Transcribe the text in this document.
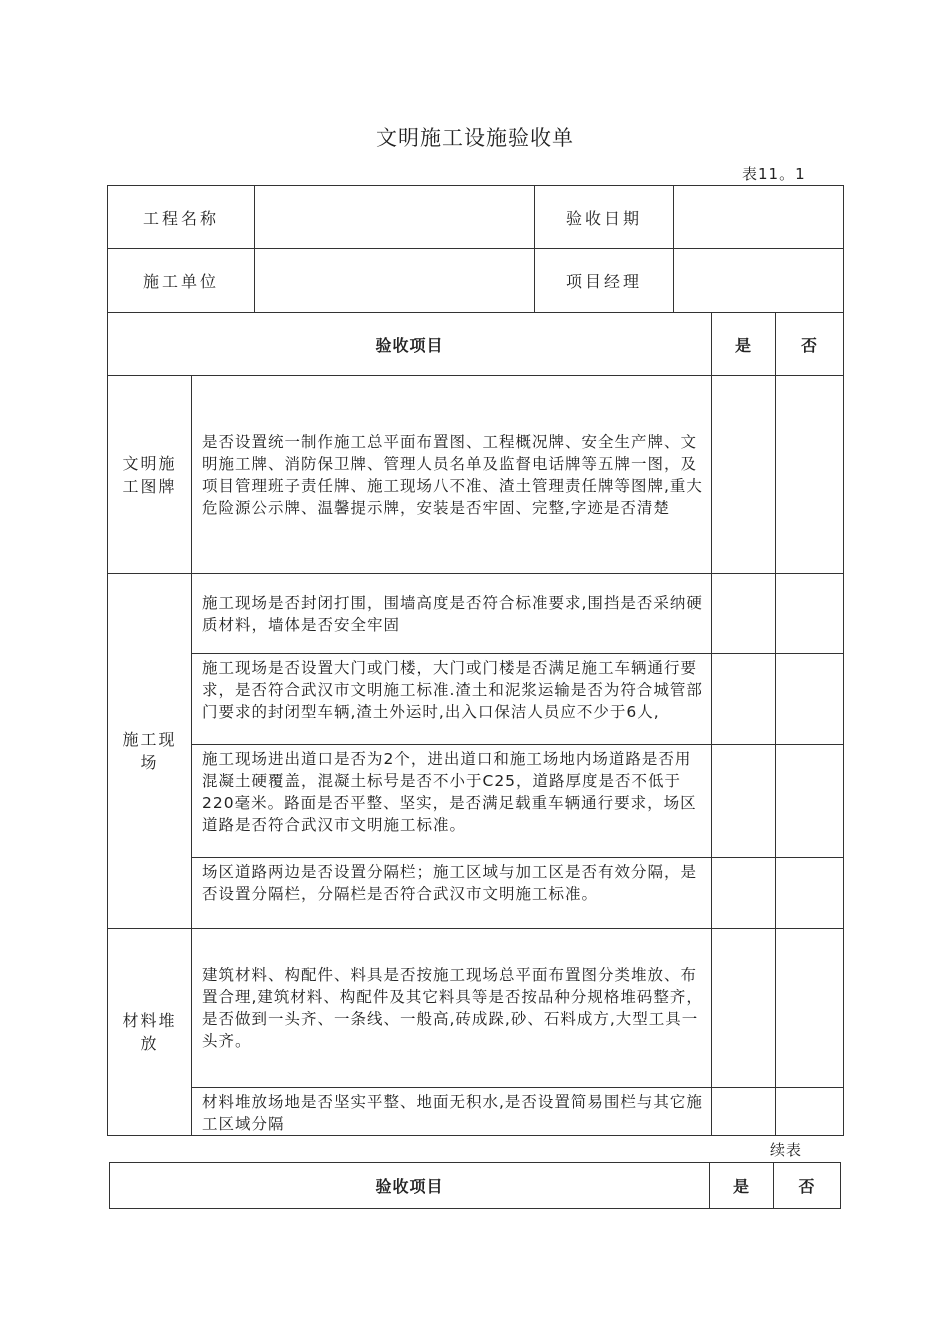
文明施工设施验收单
表11。1
工程名称	验收日期
施工单位	项目经理
验收项目	是	否
文明施工图牌
是否设置统一制作施工总平面布置图、工程概况牌、安全生产牌、文明施工牌、消防保卫牌、管理人员名单及监督电话牌等五牌一图，及项目管理班子责任牌、施工现场八不准、渣土管理责任牌等图牌,重大危险源公示牌、温馨提示牌，安装是否牢固、完整,字迹是否清楚
施工现场
施工现场是否封闭打围，围墙高度是否符合标准要求,围挡是否采纳硬质材料，墙体是否安全牢固
施工现场是否设置大门或门楼，大门或门楼是否满足施工车辆通行要求，是否符合武汉市文明施工标准.渣土和泥浆运输是否为符合城管部门要求的封闭型车辆,渣土外运时,出入口保洁人员应不少于6人,
施工现场进出道口是否为2个，进出道口和施工场地内场道路是否用混凝土硬覆盖，混凝土标号是否不小于C25，道路厚度是否不低于220毫米。路面是否平整、坚实，是否满足载重车辆通行要求，场区道路是否符合武汉市文明施工标准。
场区道路两边是否设置分隔栏；施工区域与加工区是否有效分隔，是否设置分隔栏，分隔栏是否符合武汉市文明施工标准。
材料堆放
建筑材料、构配件、料具是否按施工现场总平面布置图分类堆放、布置合理,建筑材料、构配件及其它料具等是否按品种分规格堆码整齐，是否做到一头齐、一条线、一般高,砖成跺,砂、石料成方,大型工具一头齐。
材料堆放场地是否坚实平整、地面无积水,是否设置简易围栏与其它施工区域分隔
续表
验收项目	是	否
